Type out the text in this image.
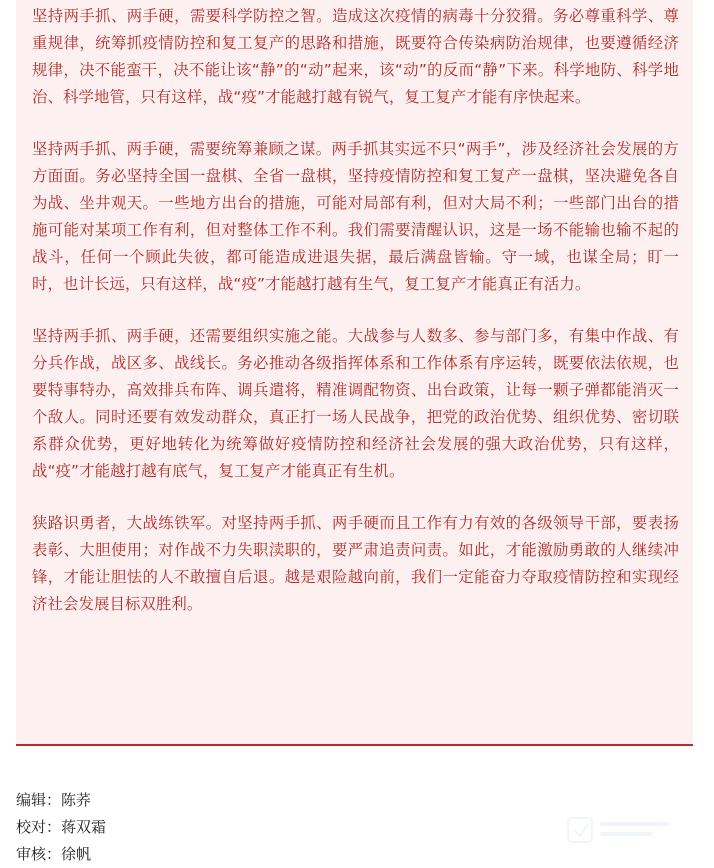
坚持两手抓、两手硬，需要科学防控之智。造成这次疫情的病毒十分狡猾。务必尊重科学、尊重规律，统筹抓疫情防控和复工复产的思路和措施，既要符合传染病防治规律，也要遵循经济规律，决不能蛮干，决不能让该“静”的“动”起来，该“动”的反而“静”下来。科学地防、科学地治、科学地管，只有这样，战“疫”才能越打越有锐气，复工复产才能有序快起来。

坚持两手抓、两手硬，需要统筹兼顾之谋。两手抓其实远不只“两手”，涉及经济社会发展的方方面面。务必坚持全国一盘棋、全省一盘棋，坚持疫情防控和复工复产一盘棋，坚决避免各自为战、坐井观天。一些地方出台的措施，可能对局部有利，但对大局不利；一些部门出台的措施可能对某项工作有利，但对整体工作不利。我们需要清醒认识，这是一场不能输也输不起的战斗，任何一个顾此失彼，都可能造成进退失据，最后满盘皆输。守一域，也谋全局；盯一时，也计长远，只有这样，战“疫”才能越打越有生气，复工复产才能真正有活力。

坚持两手抓、两手硬，还需要组织实施之能。大战参与人数多、参与部门多，有集中作战、有分兵作战，战区多、战线长。务必推动各级指挥体系和工作体系有序运转，既要依法依规，也要特事特办，高效排兵布阵、调兵遣将，精准调配物资、出台政策，让每一颗子弹都能消灭一个敌人。同时还要有效发动群众，真正打一场人民战争，把党的政治优势、组织优势、密切联系群众优势，更好地转化为统筹做好疫情防控和经济社会发展的强大政治优势，只有这样，战“疫”才能越打越有底气，复工复产才能真正有生机。

狭路识勇者，大战练铁军。对坚持两手抓、两手硬而且工作有力有效的各级领导干部，要表扬表彰、大胆使用；对作战不力失职渎职的，要严肃追责问责。如此，才能激励勇敢的人继续冲锋，才能让胆怯的人不敢擅自后退。越是艰险越向前，我们一定能奋力夺取疫情防控和实现经济社会发展目标双胜利。

编辑：陈荞
校对：蒋双霜
审核：徐帆
